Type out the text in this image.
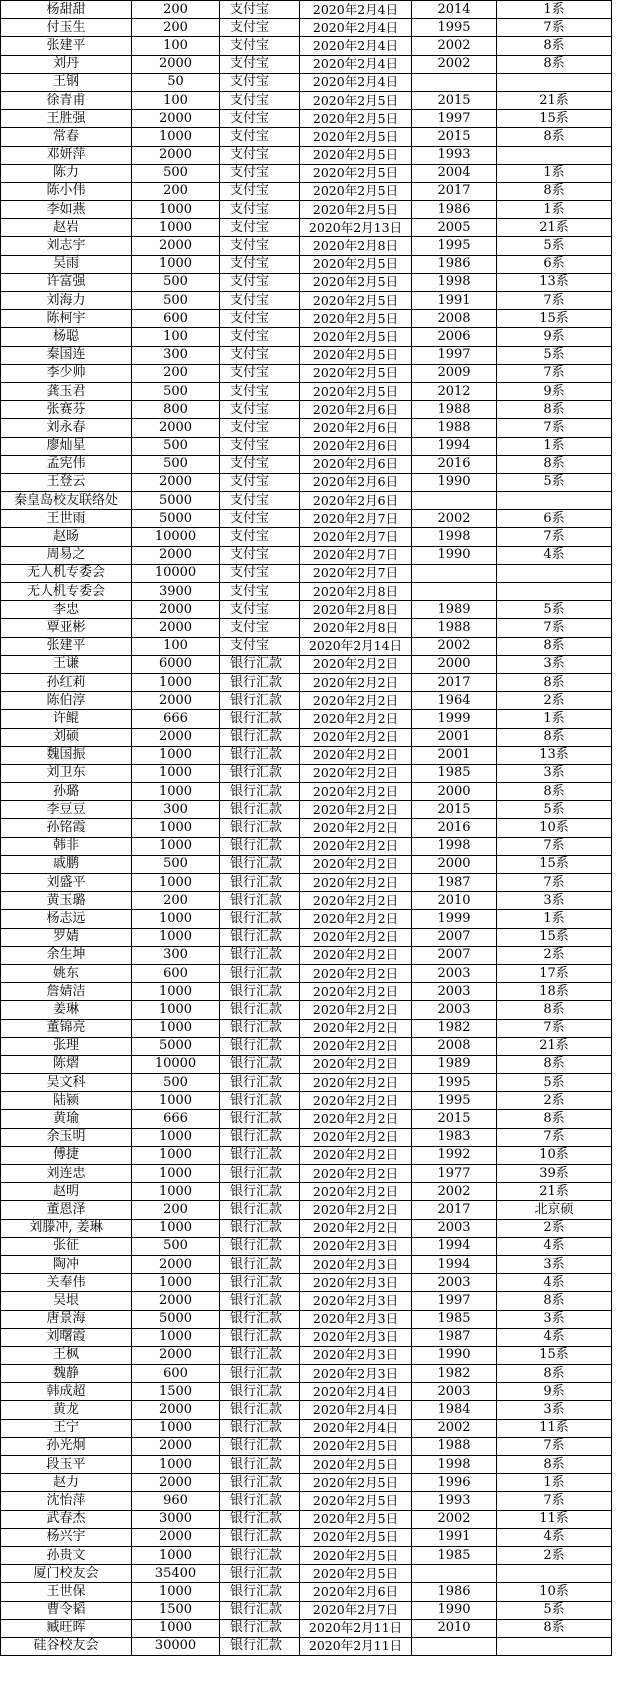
杨甜甜	200	支付宝	2020年2月4日	2014	1系
付玉生	200	支付宝	2020年2月4日	1995	7系
张建平	100	支付宝	2020年2月4日	2002	8系
刘丹	2000	支付宝	2020年2月4日	2002	8系
王钢	50	支付宝	2020年2月4日		
徐青甫	100	支付宝	2020年2月5日	2015	21系
王胜强	2000	支付宝	2020年2月5日	1997	15系
常春	1000	支付宝	2020年2月5日	2015	8系
邓妍萍	2000	支付宝	2020年2月5日	1993	
陈力	500	支付宝	2020年2月5日	2004	1系
陈小伟	200	支付宝	2020年2月5日	2017	8系
李如燕	1000	支付宝	2020年2月5日	1986	1系
赵岩	1000	支付宝	2020年2月13日	2005	21系
刘志宇	2000	支付宝	2020年2月8日	1995	5系
吴雨	1000	支付宝	2020年2月5日	1986	6系
许富强	500	支付宝	2020年2月5日	1998	13系
刘海力	500	支付宝	2020年2月5日	1991	7系
陈柯宇	600	支付宝	2020年2月5日	2008	15系
杨聪	100	支付宝	2020年2月5日	2006	9系
秦国连	300	支付宝	2020年2月5日	1997	5系
李少帅	200	支付宝	2020年2月5日	2009	7系
龚玉君	500	支付宝	2020年2月5日	2012	9系
张赛芬	800	支付宝	2020年2月6日	1988	8系
刘永春	2000	支付宝	2020年2月6日	1988	7系
廖灿星	500	支付宝	2020年2月6日	1994	1系
孟宪伟	500	支付宝	2020年2月6日	2016	8系
王登云	2000	支付宝	2020年2月6日	1990	5系
秦皇岛校友联络处	5000	支付宝	2020年2月6日		
王世雨	5000	支付宝	2020年2月7日	2002	6系
赵旸	10000	支付宝	2020年2月7日	1998	7系
周易之	2000	支付宝	2020年2月7日	1990	4系
无人机专委会	10000	支付宝	2020年2月7日		
无人机专委会	3900	支付宝	2020年2月8日		
李忠	2000	支付宝	2020年2月8日	1989	5系
覃亚彬	2000	支付宝	2020年2月8日	1988	7系
张建平	100	支付宝	2020年2月14日	2002	8系
王谦	6000	银行汇款	2020年2月2日	2000	3系
孙红莉	1000	银行汇款	2020年2月2日	2017	8系
陈伯淳	2000	银行汇款	2020年2月2日	1964	2系
许鲲	666	银行汇款	2020年2月2日	1999	1系
刘硕	2000	银行汇款	2020年2月2日	2001	8系
魏国振	1000	银行汇款	2020年2月2日	2001	13系
刘卫东	1000	银行汇款	2020年2月2日	1985	3系
孙璐	1000	银行汇款	2020年2月2日	2000	8系
李豆豆	300	银行汇款	2020年2月2日	2015	5系
孙铭霞	1000	银行汇款	2020年2月2日	2016	10系
韩非	1000	银行汇款	2020年2月2日	1998	7系
戚鹏	500	银行汇款	2020年2月2日	2000	15系
刘盛平	1000	银行汇款	2020年2月2日	1987	7系
黄玉璐	200	银行汇款	2020年2月2日	2010	3系
杨志远	1000	银行汇款	2020年2月2日	1999	1系
罗婧	1000	银行汇款	2020年2月2日	2007	15系
余生坤	300	银行汇款	2020年2月2日	2007	2系
姚东	600	银行汇款	2020年2月2日	2003	17系
詹婧洁	1000	银行汇款	2020年2月2日	2003	18系
姜琳	1000	银行汇款	2020年2月2日	2003	8系
董锦亮	1000	银行汇款	2020年2月2日	1982	7系
张理	5000	银行汇款	2020年2月2日	2008	21系
陈熠	10000	银行汇款	2020年2月2日	1989	8系
吴文科	500	银行汇款	2020年2月2日	1995	5系
陆颍	1000	银行汇款	2020年2月2日	1995	2系
黄瑜	666	银行汇款	2020年2月2日	2015	8系
余玉明	1000	银行汇款	2020年2月2日	1983	7系
傅捷	1000	银行汇款	2020年2月2日	1992	10系
刘连忠	1000	银行汇款	2020年2月2日	1977	39系
赵明	1000	银行汇款	2020年2月2日	2002	21系
董恩泽	200	银行汇款	2020年2月2日	2017	北京硕
刘滕冲, 姜琳	1000	银行汇款	2020年2月2日	2003	2系
张征	500	银行汇款	2020年2月3日	1994	4系
陶冲	2000	银行汇款	2020年2月3日	1994	3系
关奉伟	1000	银行汇款	2020年2月3日	2003	4系
吴垠	2000	银行汇款	2020年2月3日	1997	8系
唐景海	5000	银行汇款	2020年2月3日	1985	3系
刘曙霞	1000	银行汇款	2020年2月3日	1987	4系
王枫	2000	银行汇款	2020年2月3日	1990	15系
魏静	600	银行汇款	2020年2月3日	1982	8系
韩成超	1500	银行汇款	2020年2月4日	2003	9系
黄龙	2000	银行汇款	2020年2月4日	1984	3系
王宁	1000	银行汇款	2020年2月4日	2002	11系
孙光炯	2000	银行汇款	2020年2月5日	1988	7系
段玉平	1000	银行汇款	2020年2月5日	1998	8系
赵力	2000	银行汇款	2020年2月5日	1996	1系
沈怡萍	960	银行汇款	2020年2月5日	1993	7系
武春杰	3000	银行汇款	2020年2月5日	2002	11系
杨兴宇	2000	银行汇款	2020年2月5日	1991	4系
孙贵文	1000	银行汇款	2020年2月5日	1985	2系
厦门校友会	35400	银行汇款	2020年2月5日		
王世保	1000	银行汇款	2020年2月6日	1986	10系
曹令韬	1500	银行汇款	2020年2月7日	1990	5系
臧旺晖	1000	银行汇款	2020年2月11日	2010	8系
硅谷校友会	30000	银行汇款	2020年2月11日		
